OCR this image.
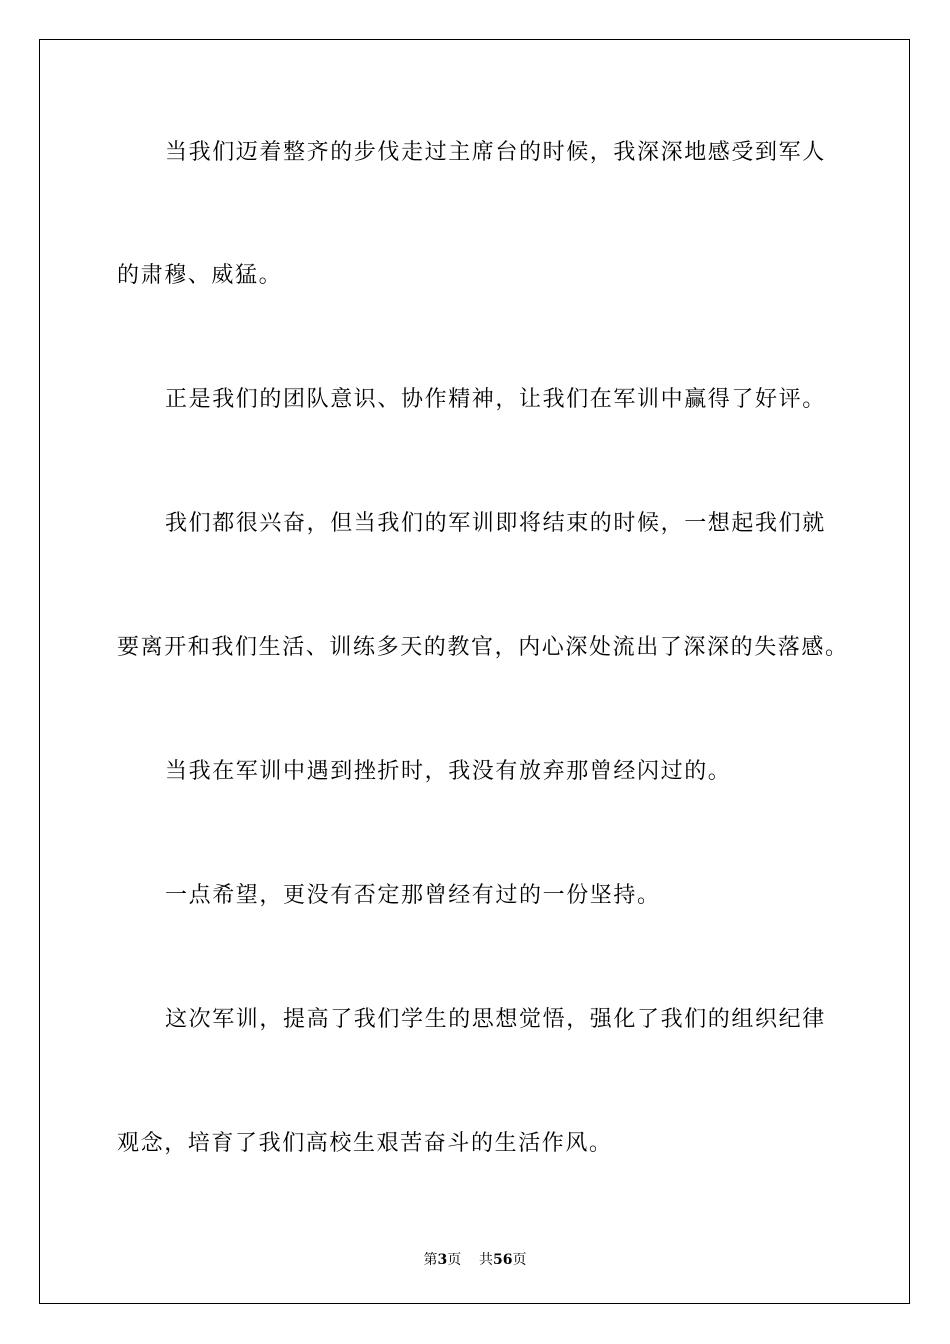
当我们迈着整齐的步伐走过主席台的时候，我深深地感受到军人
的肃穆、威猛。
正是我们的团队意识、协作精神，让我们在军训中赢得了好评。
我们都很兴奋，但当我们的军训即将结束的时候，一想起我们就
要离开和我们生活、训练多天的教官，内心深处流出了深深的失落感。
当我在军训中遇到挫折时，我没有放弃那曾经闪过的。
一点希望，更没有否定那曾经有过的一份坚持。
这次军训，提高了我们学生的思想觉悟，强化了我们的组织纪律
观念，培育了我们高校生艰苦奋斗的生活作风。
第3页 共56页
